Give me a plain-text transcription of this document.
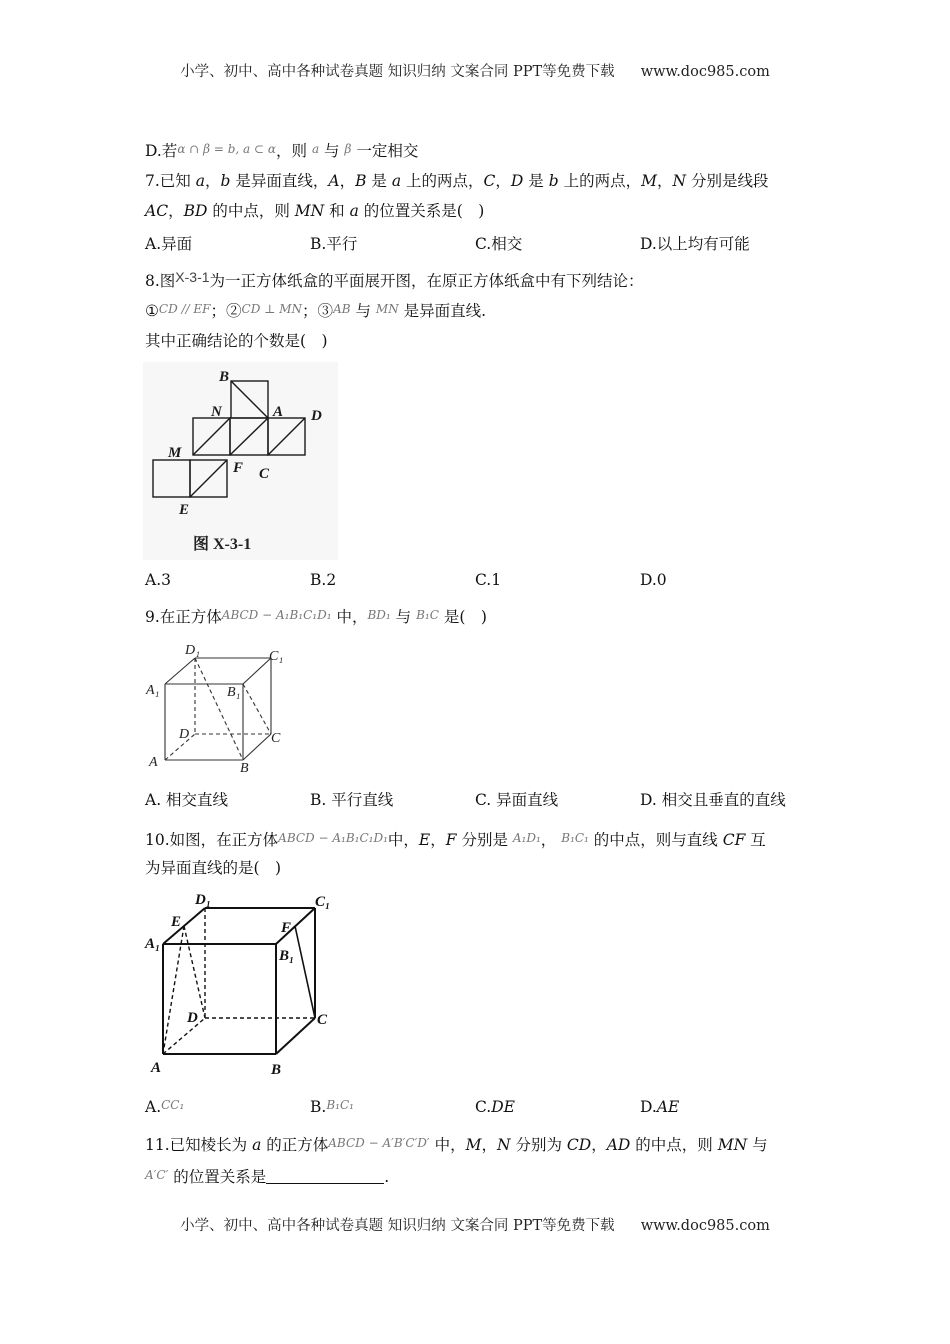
小学、初中、高中各种试卷真题 知识归纳 文案合同 PPT等免费下载 www.doc985.com
D.若α ∩ β = b, a ⊂ α，则 a 与 β 一定相交
7.已知 a，b 是异面直线，A，B 是 a 上的两点，C，D 是 b 上的两点，M，N 分别是线段
AC，BD 的中点，则 MN 和 a 的位置关系是(　)
A.异面	B.平行	C.相交	D.以上均有可能
8.图X-3-1为一正方体纸盒的平面展开图，在原正方体纸盒中有下列结论：
①CD // EF；②CD ⊥ MN；③AB 与 MN 是异面直线.
其中正确结论的个数是(　)
B
N	A D
M
F C
E
图 X-3-1
A.3	B.2	C.1	D.0
9.在正方体ABCD − A₁B₁C₁D₁ 中，BD₁ 与 B₁C 是(　)
D₁	C₁
A₁	B₁
D	C
A	B
A. 相交直线	B. 平行直线	C. 异面直线	D. 相交且垂直的直线
10.如图，在正方体ABCD − A₁B₁C₁D₁中，E，F 分别是 A₁D₁， B₁C₁ 的中点，则与直线 CF 互
为异面直线的是(　)
D₁	C₁
E	F
A₁
B₁
D	C
A	B
A.CC₁	B.B₁C₁	C.DE	D.AE
11.已知棱长为 a 的正方体ABCD − A′B′C′D′ 中，M，N 分别为 CD，AD 的中点，则 MN 与
A′C′ 的位置关系是	.
小学、初中、高中各种试卷真题 知识归纳 文案合同 PPT等免费下载 www.doc985.com
